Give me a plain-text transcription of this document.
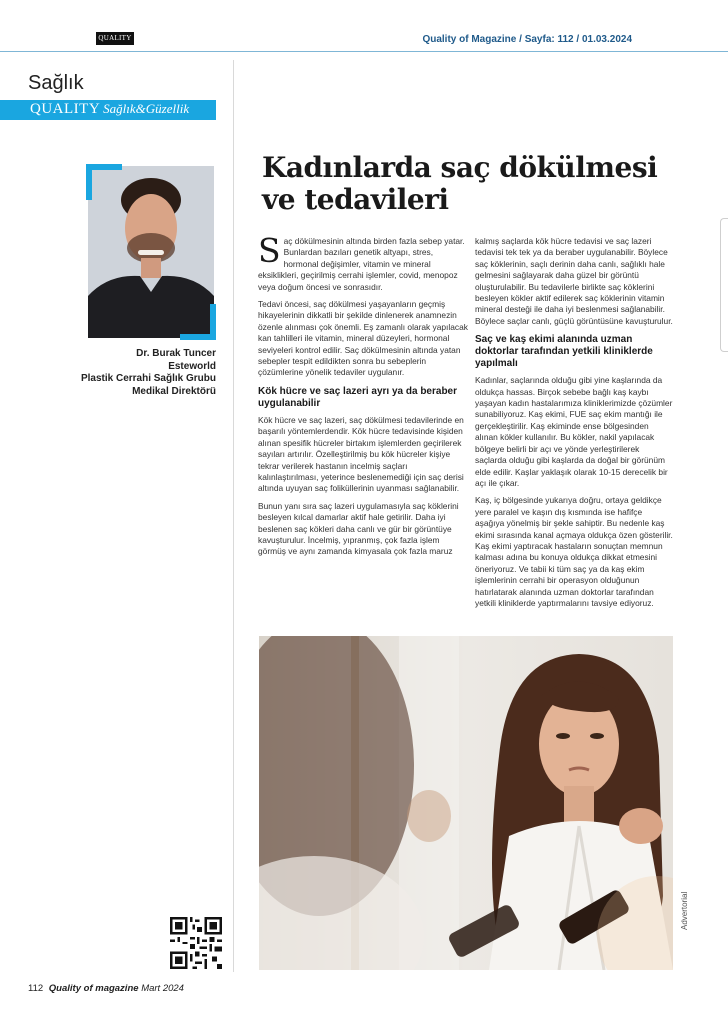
QUALITY	Quality of Magazine / Sayfa: 112 / 01.03.2024
Sağlık
QUALITY Sağlık&Güzellik
Dr. Burak Tuncer
Esteworld
Plastik Cerrahi Sağlık Grubu
Medikal Direktörü
Kadınlarda saç dökülmesi ve tedavileri

Saç dökülmesinin altında birden fazla sebep yatar. Bunlardan bazıları genetik altyapı, stres, hormonal değişimler, vitamin ve mineral eksiklikleri, geçirilmiş cerrahi işlemler, covid, menopoz veya doğum öncesi ve sonrasıdır.

Tedavi öncesi, saç dökülmesi yaşayanların geçmiş hikayelerinin dikkatli bir şekilde dinlenerek anamnezin özenle alınması çok önemli. Eş zamanlı olarak yapılacak kan tahlilleri ile vitamin, mineral düzeyleri, hormonal seviyeleri kontrol edilir. Saç dökülmesinin altında yatan sebepler tespit edildikten sonra bu sebeplerin çözümlerine yönelik tedaviler uygulanır.

Kök hücre ve saç lazeri ayrı ya da beraber uygulanabilir

Kök hücre ve saç lazeri, saç dökülmesi tedavilerinde en başarılı yöntemlerdendir. Kök hücre tedavisinde kişiden alınan spesifik hücreler birtakım işlemlerden geçirilerek sayıları artırılır. Özelleştirilmiş bu kök hücreler kişiye tekrar verilerek hastanın incelmiş saçları kalınlaştırılması, yeterince beslenemediği için saç derisi altında uyuyan saç foliküllerinin uyanması sağlanabilir.

Bunun yanı sıra saç lazeri uygulamasıyla saç köklerini besleyen kılcal damarlar aktif hale getirilir. Daha iyi beslenen saç kökleri daha canlı ve gür bir görüntüye kavuşturulur. İncelmiş, yıpranmış, çok fazla işlem görmüş ve aynı zamanda kimyasala çok fazla maruz

kalmış saçlarda kök hücre tedavisi ve saç lazeri tedavisi tek tek ya da beraber uygulanabilir. Böylece saç köklerinin, saçlı derinin daha canlı, sağlıklı hale gelmesini sağlayarak daha güzel bir görüntü oluşturulabilir. Bu tedavilerle birlikte saç köklerini besleyen kökler aktif edilerek saç köklerinin vitamin mineral desteği ile daha iyi beslenmesi sağlanabilir. Böylece saçlar canlı, güçlü görüntüsüne kavuşturulur.

Saç ve kaş ekimi alanında uzman doktorlar tarafından yetkili kliniklerde yapılmalı

Kadınlar, saçlarında olduğu gibi yine kaşlarında da oldukça hassas. Birçok sebebe bağlı kaş kaybı yaşayan kadın hastalarımıza kliniklerimizde çözümler sunabiliyoruz. Kaş ekimi, FUE saç ekim mantığı ile gerçekleştirilir. Kaş ekiminde ense bölgesinden alınan kökler kullanılır. Bu kökler, nakil yapılacak bölgeye belirli bir açı ve yönde yerleştirilerek saçlarda olduğu gibi kaşlarda da doğal bir görünüm elde edilir. Kaşlar yaklaşık olarak 10-15 derecelik bir açı ile çıkar.

Kaş, iç bölgesinde yukarıya doğru, ortaya geldikçe yere paralel ve kaşın dış kısmında ise hafifçe aşağıya yönelmiş bir şekle sahiptir. Bu nedenle kaş ekimi sırasında kanal açmaya oldukça özen gösterilir. Kaş ekimi yaptıracak hastaların sonuçtan memnun kalması adına bu konuya oldukça dikkat etmesini öneriyoruz. Ve tabii ki tüm saç ya da kaş ekim işlemlerinin cerrahi bir operasyon olduğunun hatırlatarak alanında uzman doktorlar tarafından yetkili kliniklerde yaptırmalarını tavsiye ediyoruz.

Advertorial
112 Quality of magazine Mart 2024
